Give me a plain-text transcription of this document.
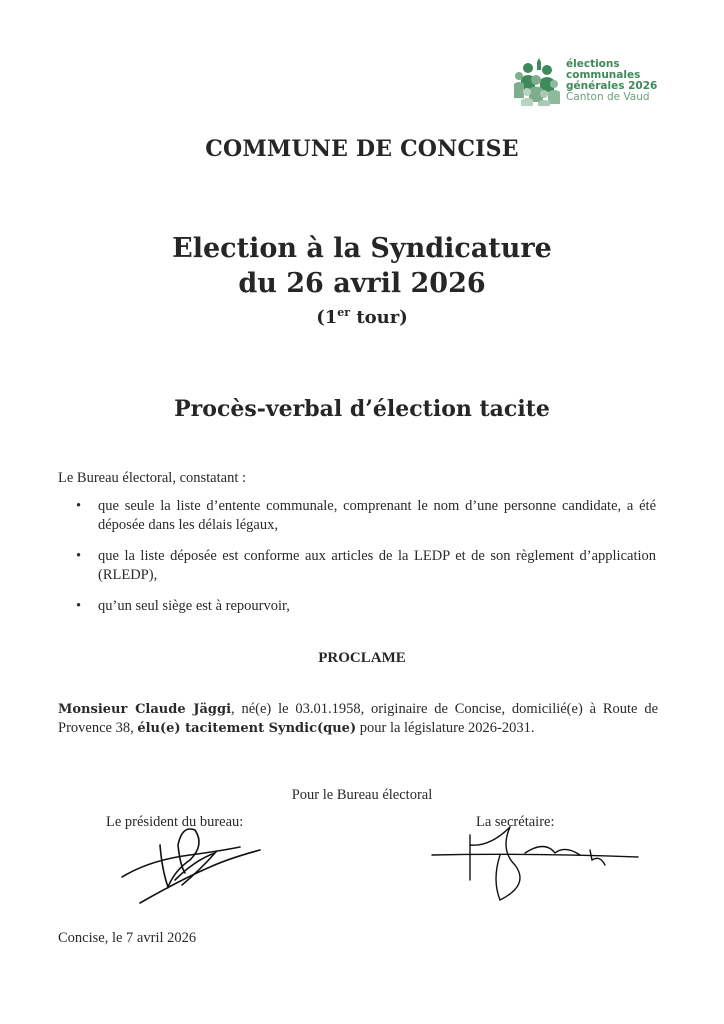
élections
communales
générales 2026
Canton de Vaud
COMMUNE DE CONCISE
Election à la Syndicature
du 26 avril 2026
(1er tour)
Procès-verbal d’élection tacite
Le Bureau électoral, constatant :
• que seule la liste d’entente communale, comprenant le nom d’une personne candidate, a été déposée dans les délais légaux,
• que la liste déposée est conforme aux articles de la LEDP et de son règlement d’application (RLEDP),
• qu’un seul siège est à repourvoir,
PROCLAME
Monsieur Claude Jäggi, né(e) le 03.01.1958, originaire de Concise, domicilié(e) à Route de Provence 38, élu(e) tacitement Syndic(que) pour la législature 2026-2031.
Pour le Bureau électoral
Le président du bureau:	La secrétaire:
Concise, le 7 avril 2026
